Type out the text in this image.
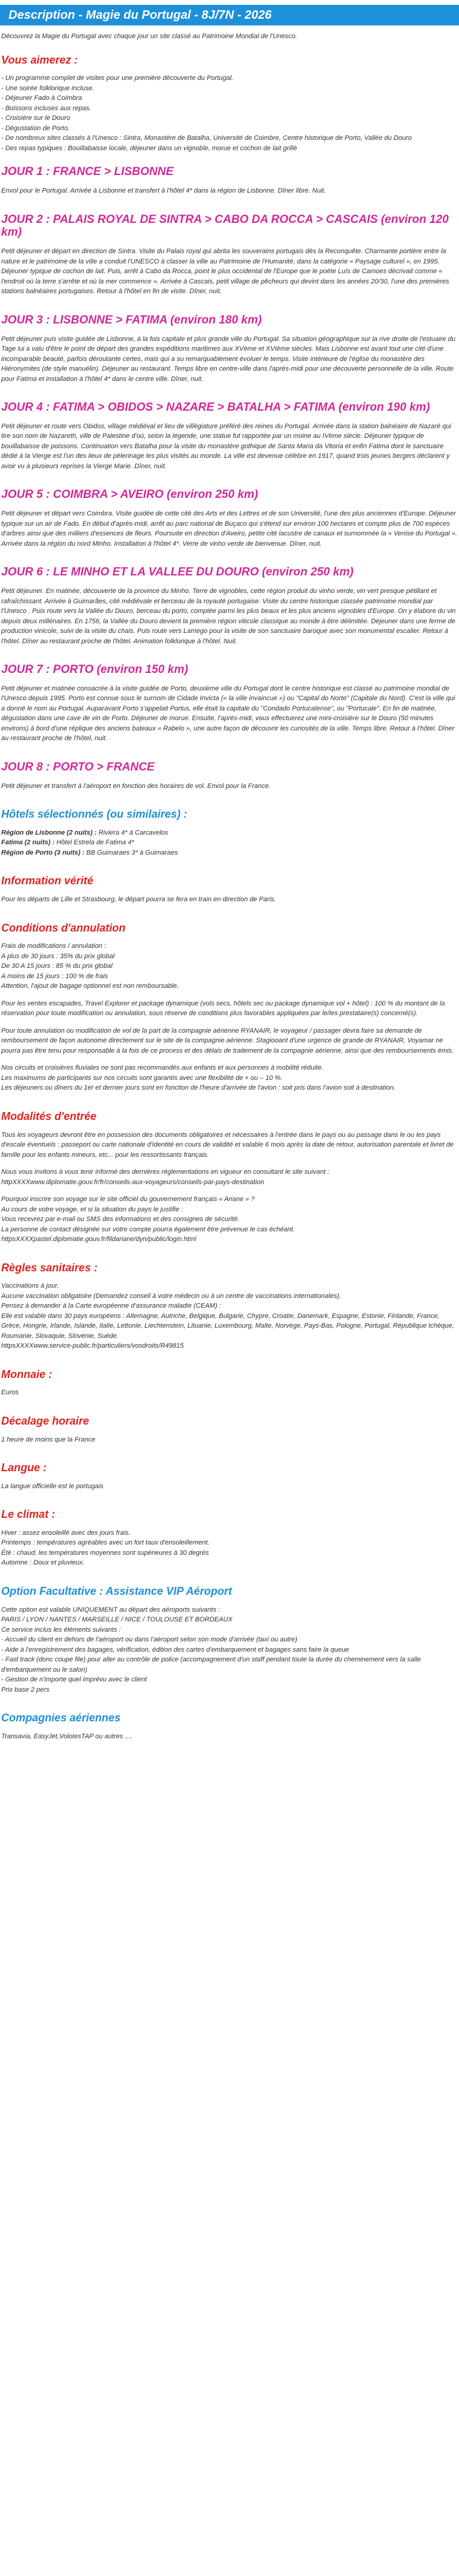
Description - Magie du Portugal - 8J/7N - 2026

Découvrez la Magie du Portugal avec chaque jour un site classé au Patrimoine Mondial de l'Unesco.

Vous aimerez :
- Un programme complet de visites pour une première découverte du Portugal.
- Une soirée folklorique incluse.
- Déjeuner Fado à Coimbra
- Boissons incluses aux repas.
- Croisière sur le Douro
- Dégustation de Porto.
- De nombreux sites classés à l'Unesco : Sintra, Monastère de Batalha, Université de Coimbre, Centre historique de Porto, Vallée du Douro
- Des repas typiques : Bouillabaisse locale, déjeuner dans un vignoble, morue et cochon de lait grillé
JOUR 1 : FRANCE > LISBONNE

Envol pour le Portugal. Arrivée à Lisbonne et transfert à l'hôtel 4* dans la région de Lisbonne. Dîner libre. Nuit.

JOUR 2 : PALAIS ROYAL DE SINTRA > CABO DA ROCCA > CASCAIS (environ 120 km)

Petit déjeuner et départ en direction de Sintra. Visite du Palais royal qui abrita les souverains portugais dès la Reconquête. Charmante portière entre la nature et le patrimoine de la ville a conduit l'UNESCO à classer la ville au Patrimoine de l'Humanité, dans la catégorie « Paysage culturel », en 1995. Déjeuner typique de cochon de lait. Puis, arrêt à Cabo da Rocca, point le plus occidental de l'Europe que le poète Luís de Camoes décrivait comme « l'endroit où la terre s'arrête et où la mer commence ». Arrivée à Cascais, petit village de pêcheurs qui devint dans les années 20/30, l'une des premières stations balnéaires portugaises. Retour à l'hôtel en fin de visite. Dîner, nuit.

JOUR 3 : LISBONNE > FATIMA (environ 180 km)

Petit déjeuner puis visite guidée de Lisbonne, à la fois capitale et plus grande ville du Portugal. Sa situation géographique sur la rive droite de l'estuaire du Tage lui a valu d'être le point de départ des grandes expéditions maritimes aux XVème et XVIème siècles. Mais Lisbonne est avant tout une cité d'une incomparable beauté, parfois déroutante certes, mais qui a su remarquablement évoluer le temps. Visite intérieure de l'église du monastère des Hiéronymites (de style manuélin). Déjeuner au restaurant. Temps libre en centre-ville dans l'après-midi pour une découverte personnelle de la ville. Route pour Fatima et installation à l'hôtel 4* dans le centre ville. Dîner, nuit.

JOUR 4 : FATIMA > OBIDOS > NAZARE > BATALHA > FATIMA (environ 190 km)

Petit déjeuner et route vers Obidos, village médiéval et lieu de villégiature préféré des reines du Portugal. Arrivée dans la station balnéaire de Nazaré qui tire son nom de Nazareth, ville de Palestine d'où, selon la légende, une statue fut rapportée par un moine au IVème siècle. Déjeuner typique de bouillabaisse de poissons. Continuation vers Batalha pour la visite du monastère gothique de Santa Maria da Vitoria et enfin Fatima dont le sanctuaire dédié à la Vierge est l'un des lieux de pèlerinage les plus visités au monde. La ville est devenue célèbre en 1917, quand trois jeunes bergers déclarent y avoir vu à plusieurs reprises la Vierge Marie. Dîner, nuit.

JOUR 5 : COIMBRA > AVEIRO (environ 250 km)

Petit déjeuner et départ vers Coimbra. Visite guidée de cette cité des Arts et des Lettres et de son Université, l'une des plus anciennes d'Europe. Déjeuner typique sur un air de Fado. En début d'après-midi, arrêt au parc national de Buçaco qui s'étend sur environ 100 hectares et compte plus de 700 espèces d'arbres ainsi que des milliers d'essences de fleurs. Poursuite en direction d'Aveiro, petite cité lacustre de canaux et surnommée la « Venise du Portugal ». Arrivée dans la région du nord Minho. Installation à l'hôtel 4*. Verre de vinho verde de bienvenue. Dîner, nuit.

JOUR 6 : LE MINHO ET LA VALLEE DU DOURO (environ 250 km)

Petit déjeuner. En matinée, découverte de la province du Minho. Terre de vignobles, cette région produit du vinho verde, vin vert presque pétillant et rafraîchissant. Arrivée à Guimarães, cité médiévale et berceau de la royauté portugaise. Visite du centre historique classée patrimoine mondial par l'Unesco . Puis route vers la Vallée du Douro, berceau du porto, comptée parmi les plus beaux et les plus anciens vignobles d'Europe. On y élabore du vin depuis deux millénaires. En 1756, la Vallée du Douro devient la première région viticole classique au monde à être délimitée. Déjeuner dans une ferme de production vinicole, suivi de la visite du chais. Puis route vers Lamego pour la visite de son sanctuaire baroque avec son monumental escalier. Retour à l'hôtel. Dîner au restaurant proche de l'hôtel. Animation folklorique à l'hôtel. Nuit.

JOUR 7 : PORTO (environ 150 km)

Petit déjeuner et matinée consacrée à la visite guidée de Porto, deuxième ville du Portugal dont le centre historique est classé au patrimoine mondial de l'Unesco depuis 1995. Porto est connue sous le surnom de Cidade Invicta (« la ville invaincue ») ou "Capital do Norte" (Capitale du Nord). C'est la ville qui a donné le nom au Portugal. Auparavant Porto s'appelait Portus, elle était la capitale du "Condado Portucalense", ou "Portucale". En fin de matinée, dégustation dans une cave de vin de Porto. Déjeuner de morue. Ensuite, l'après-midi, vous effectuerez une mini-croisière sur le Douro (50 minutes environs) à bord d'une réplique des anciens bateaux « Rabelo », une autre façon de découvrir les curiosités de la ville. Temps libre. Retour à l'hôtel. Dîner au restaurant proche de l'hôtel, nuit.

JOUR 8 : PORTO > FRANCE

Petit déjeuner et transfert à l'aéroport en fonction des horaires de vol. Envol pour la France.

Hôtels sélectionnés (ou similaires) :
Région de Lisbonne (2 nuits) : Riviera 4* à Carcavelos
Fatima (2 nuits) : Hôtel Estrela de Fatima 4*
Région de Porto (3 nuits) : BB Guimaraes 3* à Guimaraes
Information vérité

Pour les départs de Lille et Strasbourg, le départ pourra se fera en train en direction de Paris.

Conditions d'annulation
Frais de modifications / annulation :
A plus de 30 jours : 35% du prix global
De 30 A 15 jours : 85 % du prix global
A moins de 15 jours : 100 % de frais
Attention, l'ajout de bagage optionnel est non remboursable.
Pour les ventes escapades, Travel Explorer et package dynamique (vols secs, hôtels sec ou package dynamique vol + hôtel) : 100 % du montant de la réservation pour toute modification ou annulation, sous réserve de conditions plus favorables appliquées par le/les prestataire(s) concerné(s).
Pour toute annulation ou modification de vol de la part de la compagnie aérienne RYANAIR, le voyageur / passager devra faire sa demande de remboursement de façon autonome directement sur le site de la compagnie aérienne. Stagiooant d'une urgence de grande de RYANAIR, Voyamar ne pourra pas être tenu pour responsable à la fois de ce process et des délais de traitement de la compagnie aérienne, ainsi que des remboursements émis.
Nos circuits et croisières fluviales ne sont pas recommandés aux enfants et aux personnes à mobilité réduite.
Les maximums de participants sur nos circuits sont garantis avec une flexibilité de + ou – 10 %.
Les déjeuners ou dîners du 1er et dernier jours sont en fonction de l'heure d'arrivée de l'avion : soit pris dans l'avion soit à destination.
Modalités d'entrée
Tous les voyageurs devront être en possession des documents obligatoires et nécessaires à l'entrée dans le pays ou au passage dans le ou les pays d'escale éventuels : passeport ou carte nationale d'identité en cours de validité et valable 6 mois après la date de retour, autorisation parentale et livret de famille pour les enfants mineurs, etc... pour les ressortissants français.
Nous vous invitons à vous tenir informé des dernières réglementations en vigueur en consultant le site suivant : httpXXXXwww.diplomatie.gouv.fr/fr/conseils-aux-voyageurs/conseils-par-pays-destination
Pourquoi inscrire son voyage sur le site officiel du gouvernement français « Ariane » ?
Au cours de votre voyage, et si la situation du pays le justifie :
Vous recevrez par e-mail ou SMS des informations et des consignes de sécurité.
La personne de contact désignée sur votre compte pourra également être prévenue le cas échéant.
httpsXXXXpastel.diplomatie.gouv.fr/fildariane/dyn/public/login.html
Règles sanitaires :
Vaccinations à jour.
Aucune vaccination obligatoire (Demandez conseil à votre médecin ou à un centre de vaccinations internationales).
Pensez à demander à la Carte européenne d'assurance maladie (CEAM) :
Elle est valable dans 30 pays européens : Allemagne, Autriche, Belgique, Bulgarie, Chypre, Croatie, Danemark, Espagne, Estonie, Finlande, France, Grèce, Hongrie, Irlande, Islande, Italie, Lettonie, Liechtenstein, Lituanie, Luxembourg, Malte, Norvège, Pays-Bas, Pologne, Portugal, République tchèque, Roumanie, Slovaquie, Slovénie, Suède.
httpsXXXXwww.service-public.fr/particuliers/vosdroits/R49815
Monnaie :

Euros

Décalage horaire

1 heure de moins que la France

Langue :

La langue officielle est le portugais

Le climat :
Hiver : assez ensoleillé avec des jours frais.
Printemps : températures agréables avec un fort taux d'ensoleillement.
Été : chaud, les températures moyennes sont supérieures à 30 degrés
Automne : Doux et pluvieux.
Option Facultative : Assistance VIP Aéroport
Cette option est valable UNIQUEMENT au départ des aéroports suivants :
PARIS / LYON / NANTES / MARSEILLE / NICE / TOULOUSE ET BORDEAUX
Ce service inclus les éléments suivants :
- Accueil du client en dehors de l'aéroport ou dans l'aéroport selon son mode d'arrivée (taxi ou autre)
- Aide à l'enregistrement des bagages, vérification, édition des cartes d'embarquement et bagages sans faire la queue
- Fast track (donc coupe file) pour aller au contrôle de police (accompagnement d'un staff pendant toute la durée du cheminement vers la salle d'embarquement ou le salon)
- Gestion de n'importe quel imprévu avec le client
Prix base 2 pers
Compagnies aériennes

Transavia, EasyJet,VolotesTAP ou autres ....
